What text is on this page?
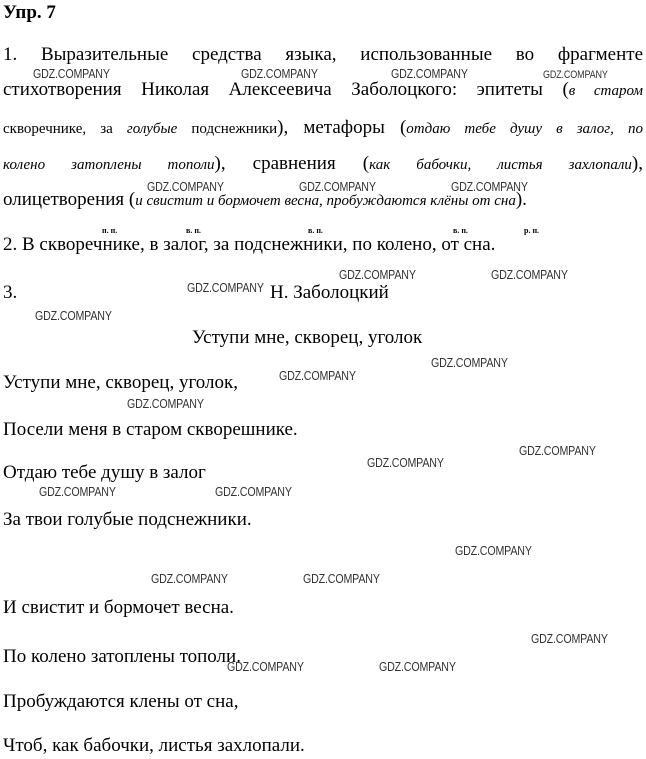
Упр. 7
1. Выразительные средства языка, использованные во фрагменте
стихотворения Николая Алексеевича Заболоцкого: эпитеты (в старом
скворечнике, за голубые подснежники), метафоры (отдаю тебе душу в залог, по
колено затоплены тополи), сравнения (как бабочки, листья захлопали),
олицетворения (и свистит и бормочет весна, пробуждаются клёны от сна).
п. п.	в. п.	в. п.	в. п.	р. п.
2. В скворечнике, в залог, за подснежники, по колено, от сна.
3.	Н. Заболоцкий
Уступи мне, скворец, уголок
Уступи мне, скворец, уголок,
Посели меня в старом скворешнике.
Отдаю тебе душу в залог
За твои голубые подснежники.
И свистит и бормочет весна.
По колено затоплены тополи.
Пробуждаются клены от сна,
Чтоб, как бабочки, листья захлопали.
GDZ.COMPANY	GDZ.COMPANY	GDZ.COMPANY	GDZ.COMPANY
GDZ.COMPANY	GDZ.COMPANY	GDZ.COMPANY
GDZ.COMPANY	GDZ.COMPANY
GDZ.COMPANY
GDZ.COMPANY
GDZ.COMPANY
GDZ.COMPANY
GDZ.COMPANY
GDZ.COMPANY
GDZ.COMPANY
GDZ.COMPANY	GDZ.COMPANY
GDZ.COMPANY
GDZ.COMPANY	GDZ.COMPANY
GDZ.COMPANY
GDZ.COMPANY	GDZ.COMPANY
